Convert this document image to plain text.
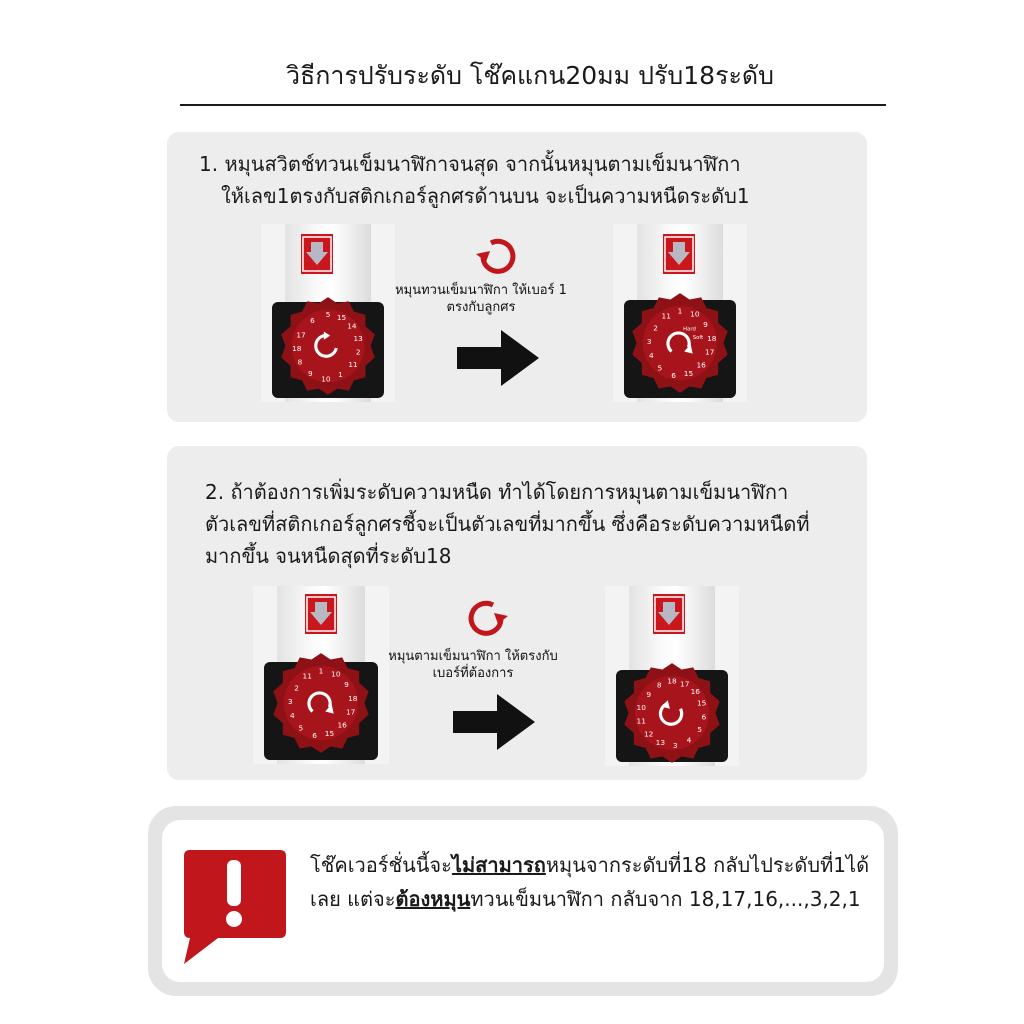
วิธีการปรับระดับ โช๊คแกน20มม ปรับ18ระดับ
1. หมุนสวิตช์ทวนเข็มนาฬิกาจนสุด จากนั้นหมุนตามเข็มนาฬิกา
ให้เลข1ตรงกับสติกเกอร์ลูกศรด้านบน จะเป็นความหนืดระดับ1
5 15
14
13
2
11
1
10
9
8
18
17
6
หมุนทวนเข็มนาฬิกา ให้เบอร์ 1 ตรงกับลูกศร
Hard
Soft
1 10
9
18
17
16
15
6
5
4
3
2
11
2. ถ้าต้องการเพิ่มระดับความหนืด ทำได้โดยการหมุนตามเข็มนาฬิกา ตัวเลขที่สติกเกอร์ลูกศรชี้จะเป็นตัวเลขที่มากขึ้น ซึ่งคือระดับความหนืดที่มากขึ้น จนหนืดสุดที่ระดับ18
1 10
9
18
17
16
15
6
5
4
3
2
11
หมุนตามเข็มนาฬิกา ให้ตรงกับเบอร์ที่ต้องการ	18 17
16
15
6
5
4
3
13
12
11
10
9
8
โช๊คเวอร์ชั่นนี้จะไม่สามารถหมุนจากระดับที่18 กลับไประดับที่1ได้เลย แต่จะต้องหมุนทวนเข็มนาฬิกา กลับจาก 18,17,16,...,3,2,1
